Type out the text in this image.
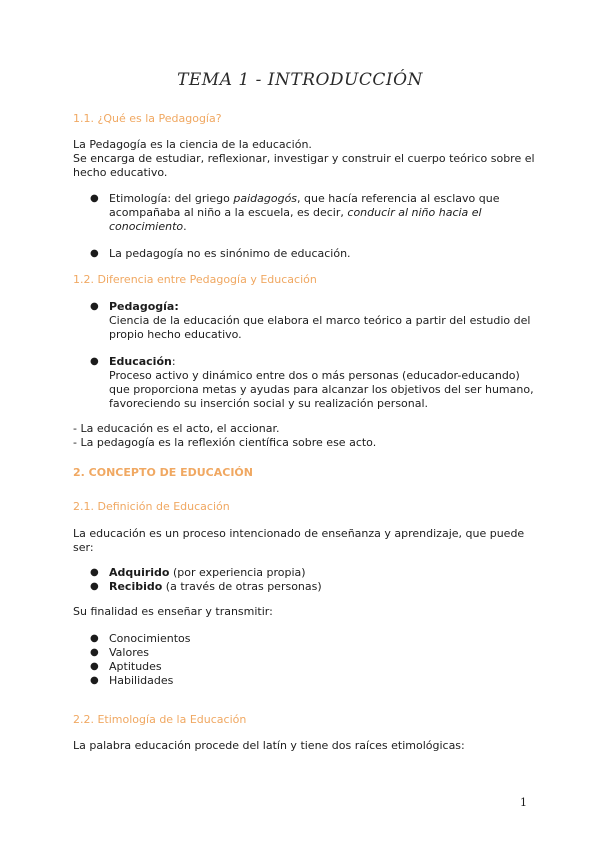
TEMA 1 - INTRODUCCIÓN
1.1. ¿Qué es la Pedagogía?
La Pedagogía es la ciencia de la educación.
Se encarga de estudiar, reflexionar, investigar y construir el cuerpo teórico sobre el
hecho educativo.
● Etimología: del griego paidagogós, que hacía referencia al esclavo que
acompañaba al niño a la escuela, es decir, conducir al niño hacia el
conocimiento.
● La pedagogía no es sinónimo de educación.
1.2. Diferencia entre Pedagogía y Educación
● Pedagogía:
Ciencia de la educación que elabora el marco teórico a partir del estudio del
propio hecho educativo.
● Educación:
Proceso activo y dinámico entre dos o más personas (educador-educando)
que proporciona metas y ayudas para alcanzar los objetivos del ser humano,
favoreciendo su inserción social y su realización personal.
- La educación es el acto, el accionar.
- La pedagogía es la reflexión científica sobre ese acto.
2. CONCEPTO DE EDUCACIÓN
2.1. Definición de Educación
La educación es un proceso intencionado de enseñanza y aprendizaje, que puede
ser:
● Adquirido (por experiencia propia)
● Recibido (a través de otras personas)
Su finalidad es enseñar y transmitir:
● Conocimientos
● Valores
● Aptitudes
● Habilidades
2.2. Etimología de la Educación
La palabra educación procede del latín y tiene dos raíces etimológicas:
1
